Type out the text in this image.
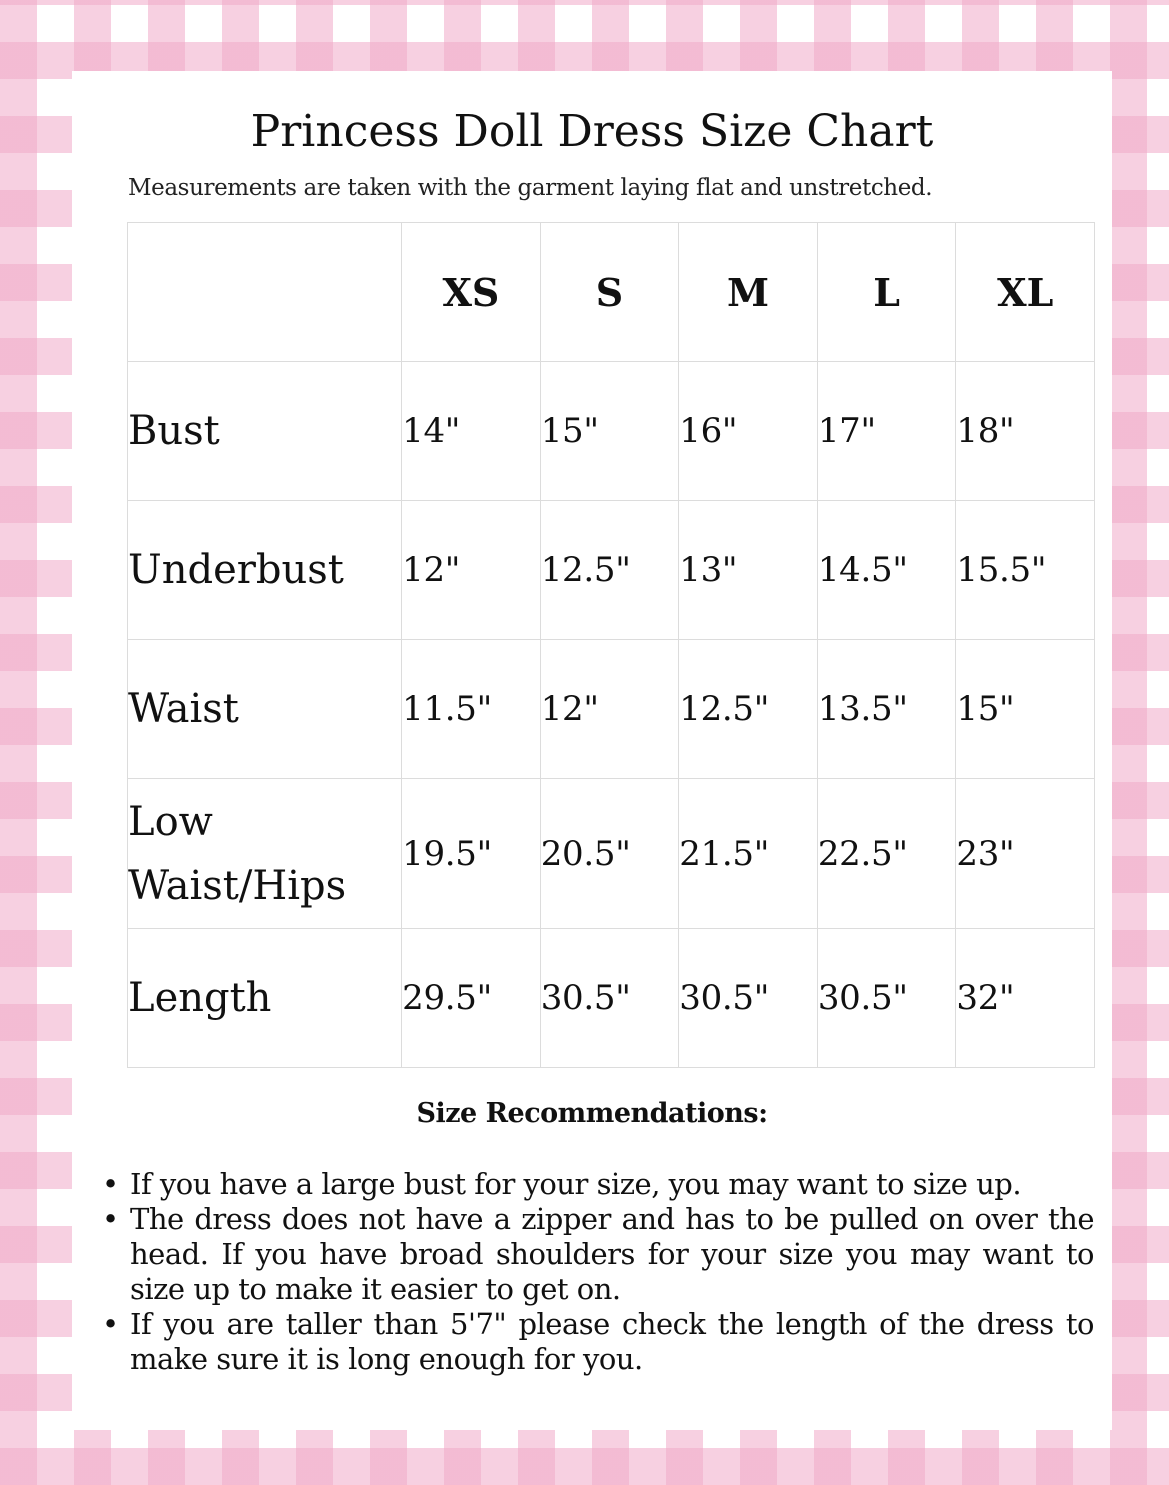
Princess Doll Dress Size Chart
Measurements are taken with the garment laying flat and unstretched.
	XS	S	M	L	XL
Bust	14"	15"	16"	17"	18"
Underbust	12"	12.5"	13"	14.5"	15.5"
Waist	11.5"	12"	12.5"	13.5"	15"
Low
Waist/Hips	19.5"	20.5"	21.5"	22.5"	23"
Length	29.5"	30.5"	30.5"	30.5"	32"
Size Recommendations:
• If you have a large bust for your size, you may want to size up.
• The dress does not have a zipper and has to be pulled on over the head. If you have broad shoulders for your size you may want to size up to make it easier to get on.
• If you are taller than 5'7" please check the length of the dress to make sure it is long enough for you.
